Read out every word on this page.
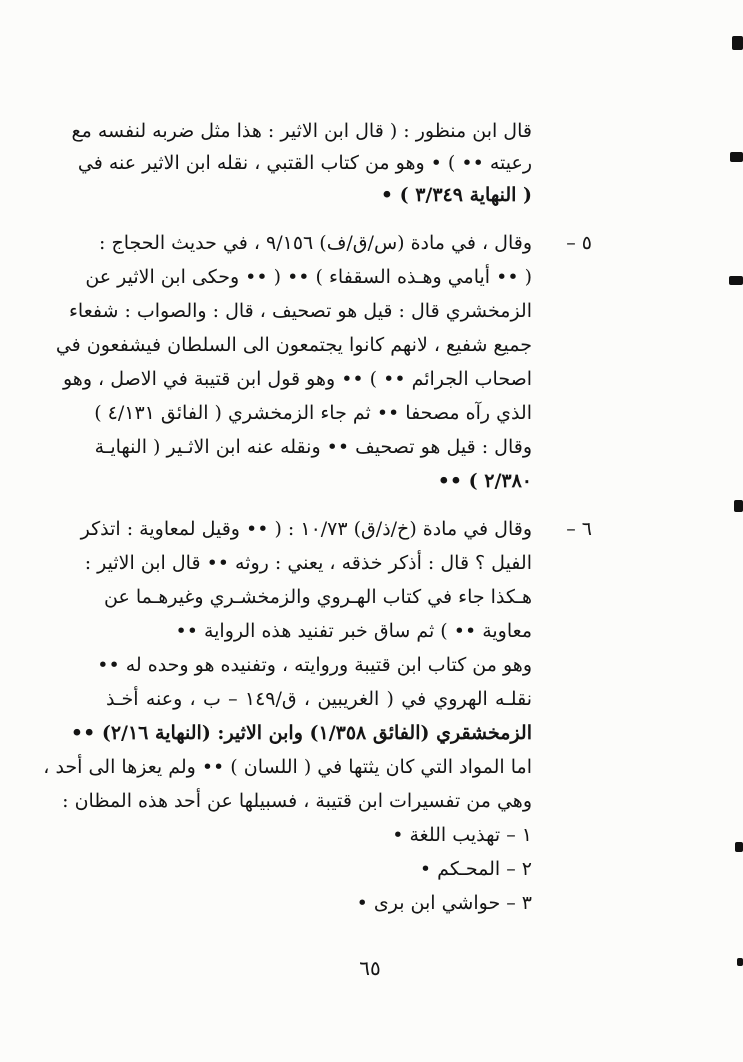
قال ابن منظور : ( قال ابن الاثير : هذا مثل ضربه لنفسه مع
رعيته •• ) • وهو من كتاب القتبي ، نقله ابن الاثير عنه في
( النهاية ٣/٣٤٩ ) •
٥ –
وقال ، في مادة (س/ق/ف) ٩/١٥٦ ، في حديث الحجاج :
( •• أيامي وهـذه السقفاء ) •• ( •• وحكى ابن الاثير عن
الزمخشري قال : قيل هو تصحيف ، قال : والصواب : شفعاء
جميع شفيع ، لانهم كانوا يجتمعون الى السلطان فيشفعون في
اصحاب الجرائم •• ) •• وهو قول ابن قتيبة في الاصل ، وهو
الذي رآه مصحفا •• ثم جاء الزمخشري ( الفائق ٤/١٣١ )
وقال : قيل هو تصحيف •• ونقله عنه ابن الاثـير ( النهايـة
٢/٣٨٠ ) ••
٦ –
وقال في مادة (خ/ذ/ق) ١٠/٧٣ : ( •• وقيل لمعاوية : اتذكر
الفيل ؟ قال : أذكر خذقه ، يعني : روثه •• قال ابن الاثير :
هـكذا جاء في كتاب الهـروي والزمخشـري وغيرهـما عن
معاوية •• ) ثم ساق خبر تفنيد هذه الرواية ••
وهو من كتاب ابن قتيبة وروايته ، وتفنيده هو وحده له ••
نقلـه الهروي في ( الغريبين ، ق/١٤٩ – ب ، وعنه أخـذ
الزمخشقري (الفائق ١/٣٥٨) وابن الاثير: (النهاية ٢/١٦) ••
اما المواد التي كان يثتها في ( اللسان ) •• ولم يعزها الى أحد ،
وهي من تفسيرات ابن قتيبة ، فسبيلها عن أحد هذه المظان :
١ – تهذيب اللغة •
٢ – المحـكم •
٣ – حواشي ابن برى •
٦٥
